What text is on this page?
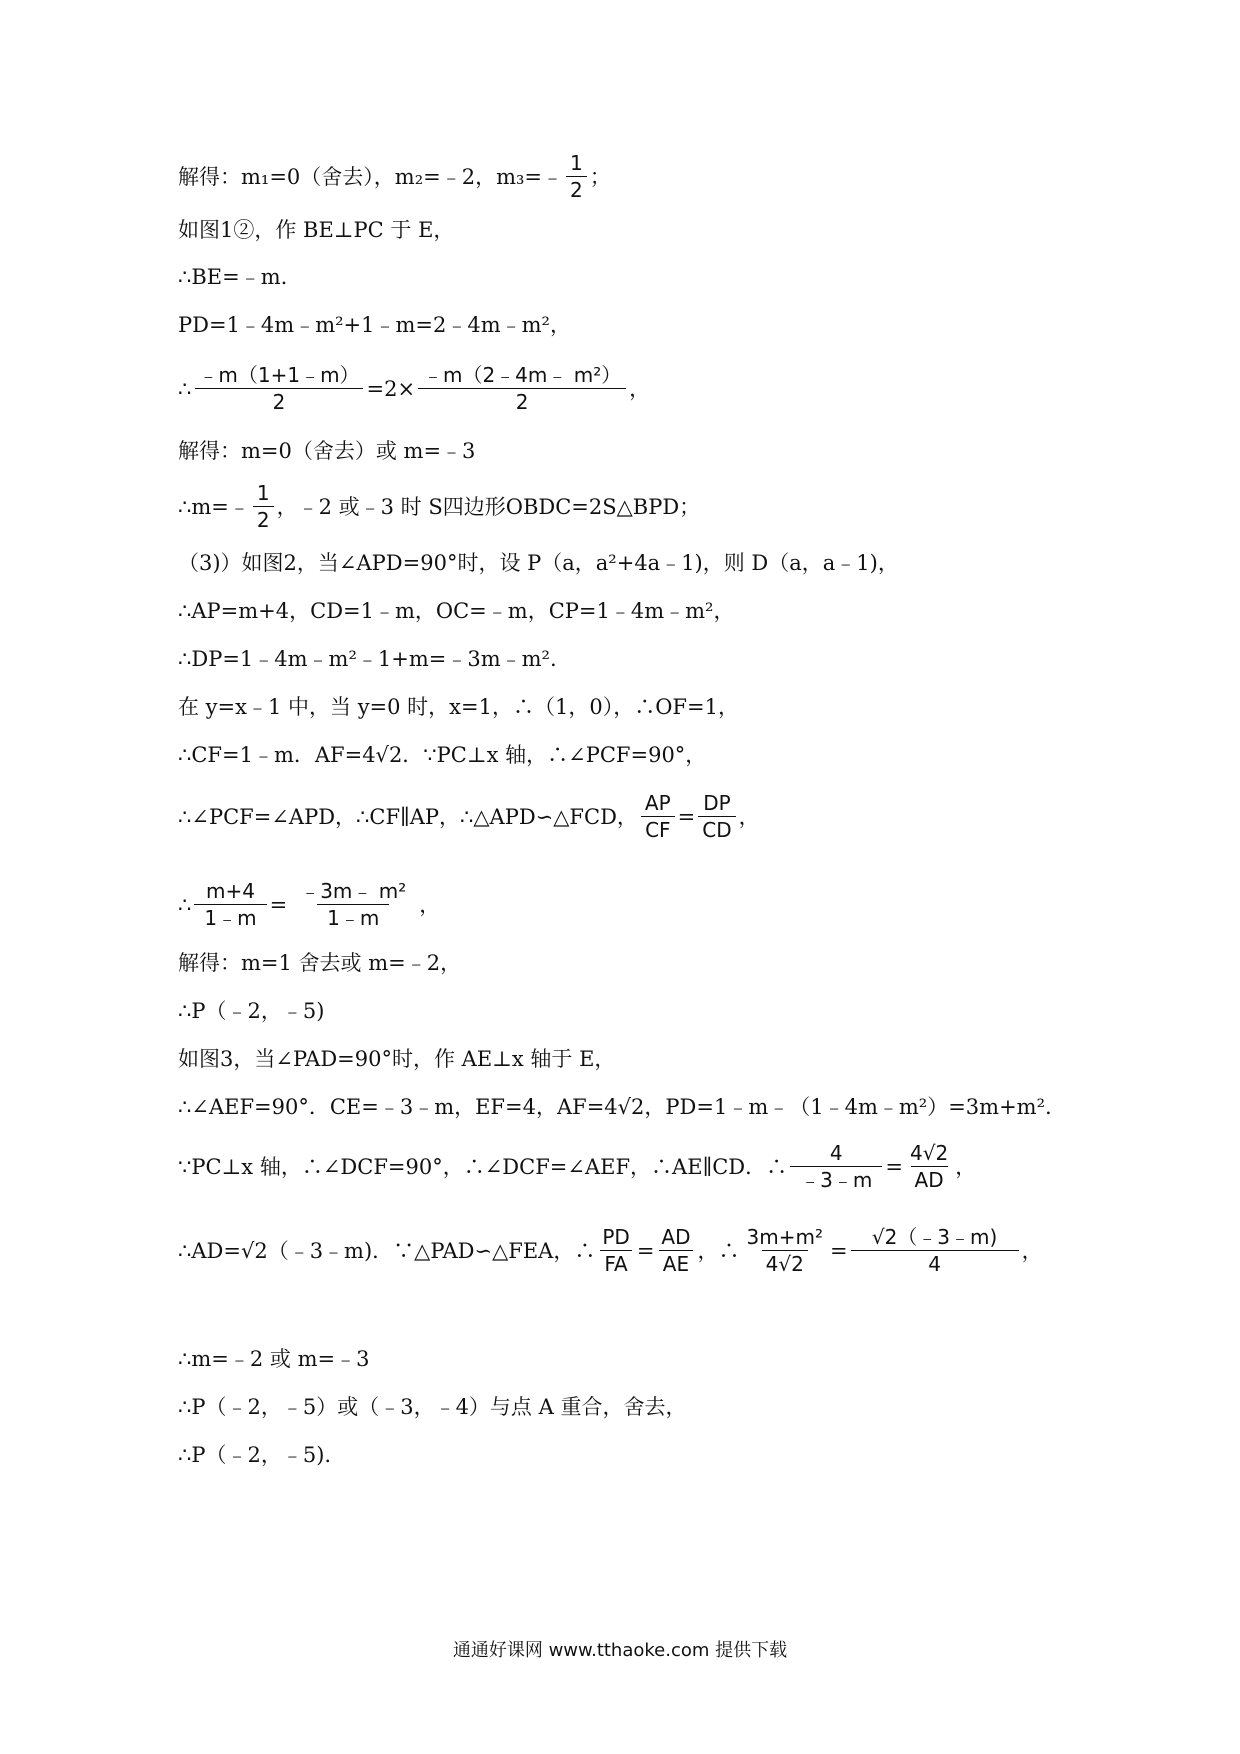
解得：m₁=0（舍去），m₂=﹣2，m₃=﹣ $\frac{1}{2}$ ；
如图1②，作 BE⊥PC 于 E，
∴BE=﹣m.
PD=1﹣4m﹣m²+1﹣m=2﹣4m﹣m²，
∴ $\frac{﹣m(1+1﹣m)}{2} =2\times \frac{\text{﹣m（2﹣4m﹣ m²）}}{2}$ ，
解得：m=0（舍去）或 m=﹣3
∴m=﹣ $\frac{1}{2}$ ，﹣2 或﹣3 时 S四边形OBDC=2S△BPD；
（3)）如图2，当∠APD=90°时，设 P（a，a²+4a﹣1)，则 D（a，a﹣1)，
∴AP=m+4，CD=1﹣m，OC=﹣m，CP=1﹣4m﹣m²，
∴DP=1﹣4m﹣m²﹣1+m=﹣3m﹣m².
在 y=x﹣1 中，当 y=0 时，x=1，∴（1，0），∴OF=1，
∴CF=1﹣m．AF=4√2．∵PC⊥x 轴，∴∠PCF=90°，
∴∠PCF=∠APD，∴CF∥AP，∴△APD∽△FCD， $\frac{AP}{CF} = \frac{DP}{CD}$ ，
∴ $\frac{m+4}{1﹣m} = \frac{\text{﹣3m﹣ m²}}{1﹣m}$ ，
解得：m=1 舍去或 m=﹣2，
∴P（﹣2，﹣5)
如图3，当∠PAD=90°时，作 AE⊥x 轴于 E，
∴∠AEF=90°．CE=﹣3﹣m，EF=4，AF=4√2，PD=1﹣m﹣（1﹣4m﹣m²）=3m+m².
∵PC⊥x 轴，∴∠DCF=90°，∴∠DCF=∠AEF，∴AE∥CD．∴ $\frac{4}{﹣3﹣m} = \frac{4√2}{AD}$ ，
∴AD=√2（﹣3﹣m)．∵△PAD∽△FEA，∴ $\frac{PD}{FA} = \frac{AD}{AE}$ ，∴ $\frac{\text{3m+m²}}{4√2} = \frac{√2(﹣3﹣m)}{4}$ ，
∴m=﹣2 或 m=﹣3
∴P（﹣2，﹣5）或（﹣3，﹣4）与点 A 重合，舍去，
∴P（﹣2，﹣5).
通通好课网 www.tthaoke.com 提供下载
